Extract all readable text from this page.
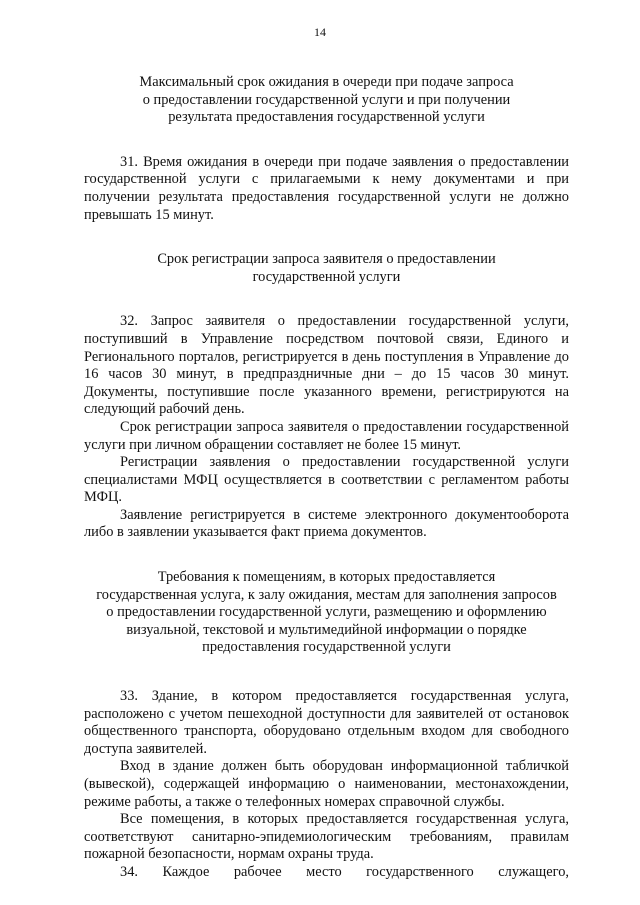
14
Максимальный срок ожидания в очереди при подаче запроса
о предоставлении государственной услуги и при получении
результата предоставления государственной услуги

31. Время ожидания в очереди при подаче заявления о предоставлении государственной услуги с прилагаемыми к нему документами и при получении результата предоставления государственной услуги не должно превышать 15 минут.

Срок регистрации запроса заявителя о предоставлении
государственной услуги

32. Запрос заявителя о предоставлении государственной услуги, поступивший в Управление посредством почтовой связи, Единого и Регионального порталов, регистрируется в день поступления в Управление до 16 часов 30 минут, в предпраздничные дни – до 15 часов 30 минут. Документы, поступившие после указанного времени, регистрируются на следующий рабочий день.

Срок регистрации запроса заявителя о предоставлении государственной услуги при личном обращении составляет не более 15 минут.

Регистрации заявления о предоставлении государственной услуги специалистами МФЦ осуществляется в соответствии с регламентом работы МФЦ.

Заявление регистрируется в системе электронного документооборота либо в заявлении указывается факт приема документов.

Требования к помещениям, в которых предоставляется
государственная услуга, к залу ожидания, местам для заполнения запросов
о предоставлении государственной услуги, размещению и оформлению
визуальной, текстовой и мультимедийной информации о порядке
предоставления государственной услуги

33. Здание, в котором предоставляется государственная услуга, расположено с учетом пешеходной доступности для заявителей от остановок общественного транспорта, оборудовано отдельным входом для свободного доступа заявителей.

Вход в здание должен быть оборудован информационной табличкой (вывеской), содержащей информацию о наименовании, местонахождении, режиме работы, а также о телефонных номерах справочной службы.

Все помещения, в которых предоставляется государственная услуга, соответствуют санитарно-эпидемиологическим требованиям, правилам пожарной безопасности, нормам охраны труда.

34. Каждое рабочее место государственного служащего,
